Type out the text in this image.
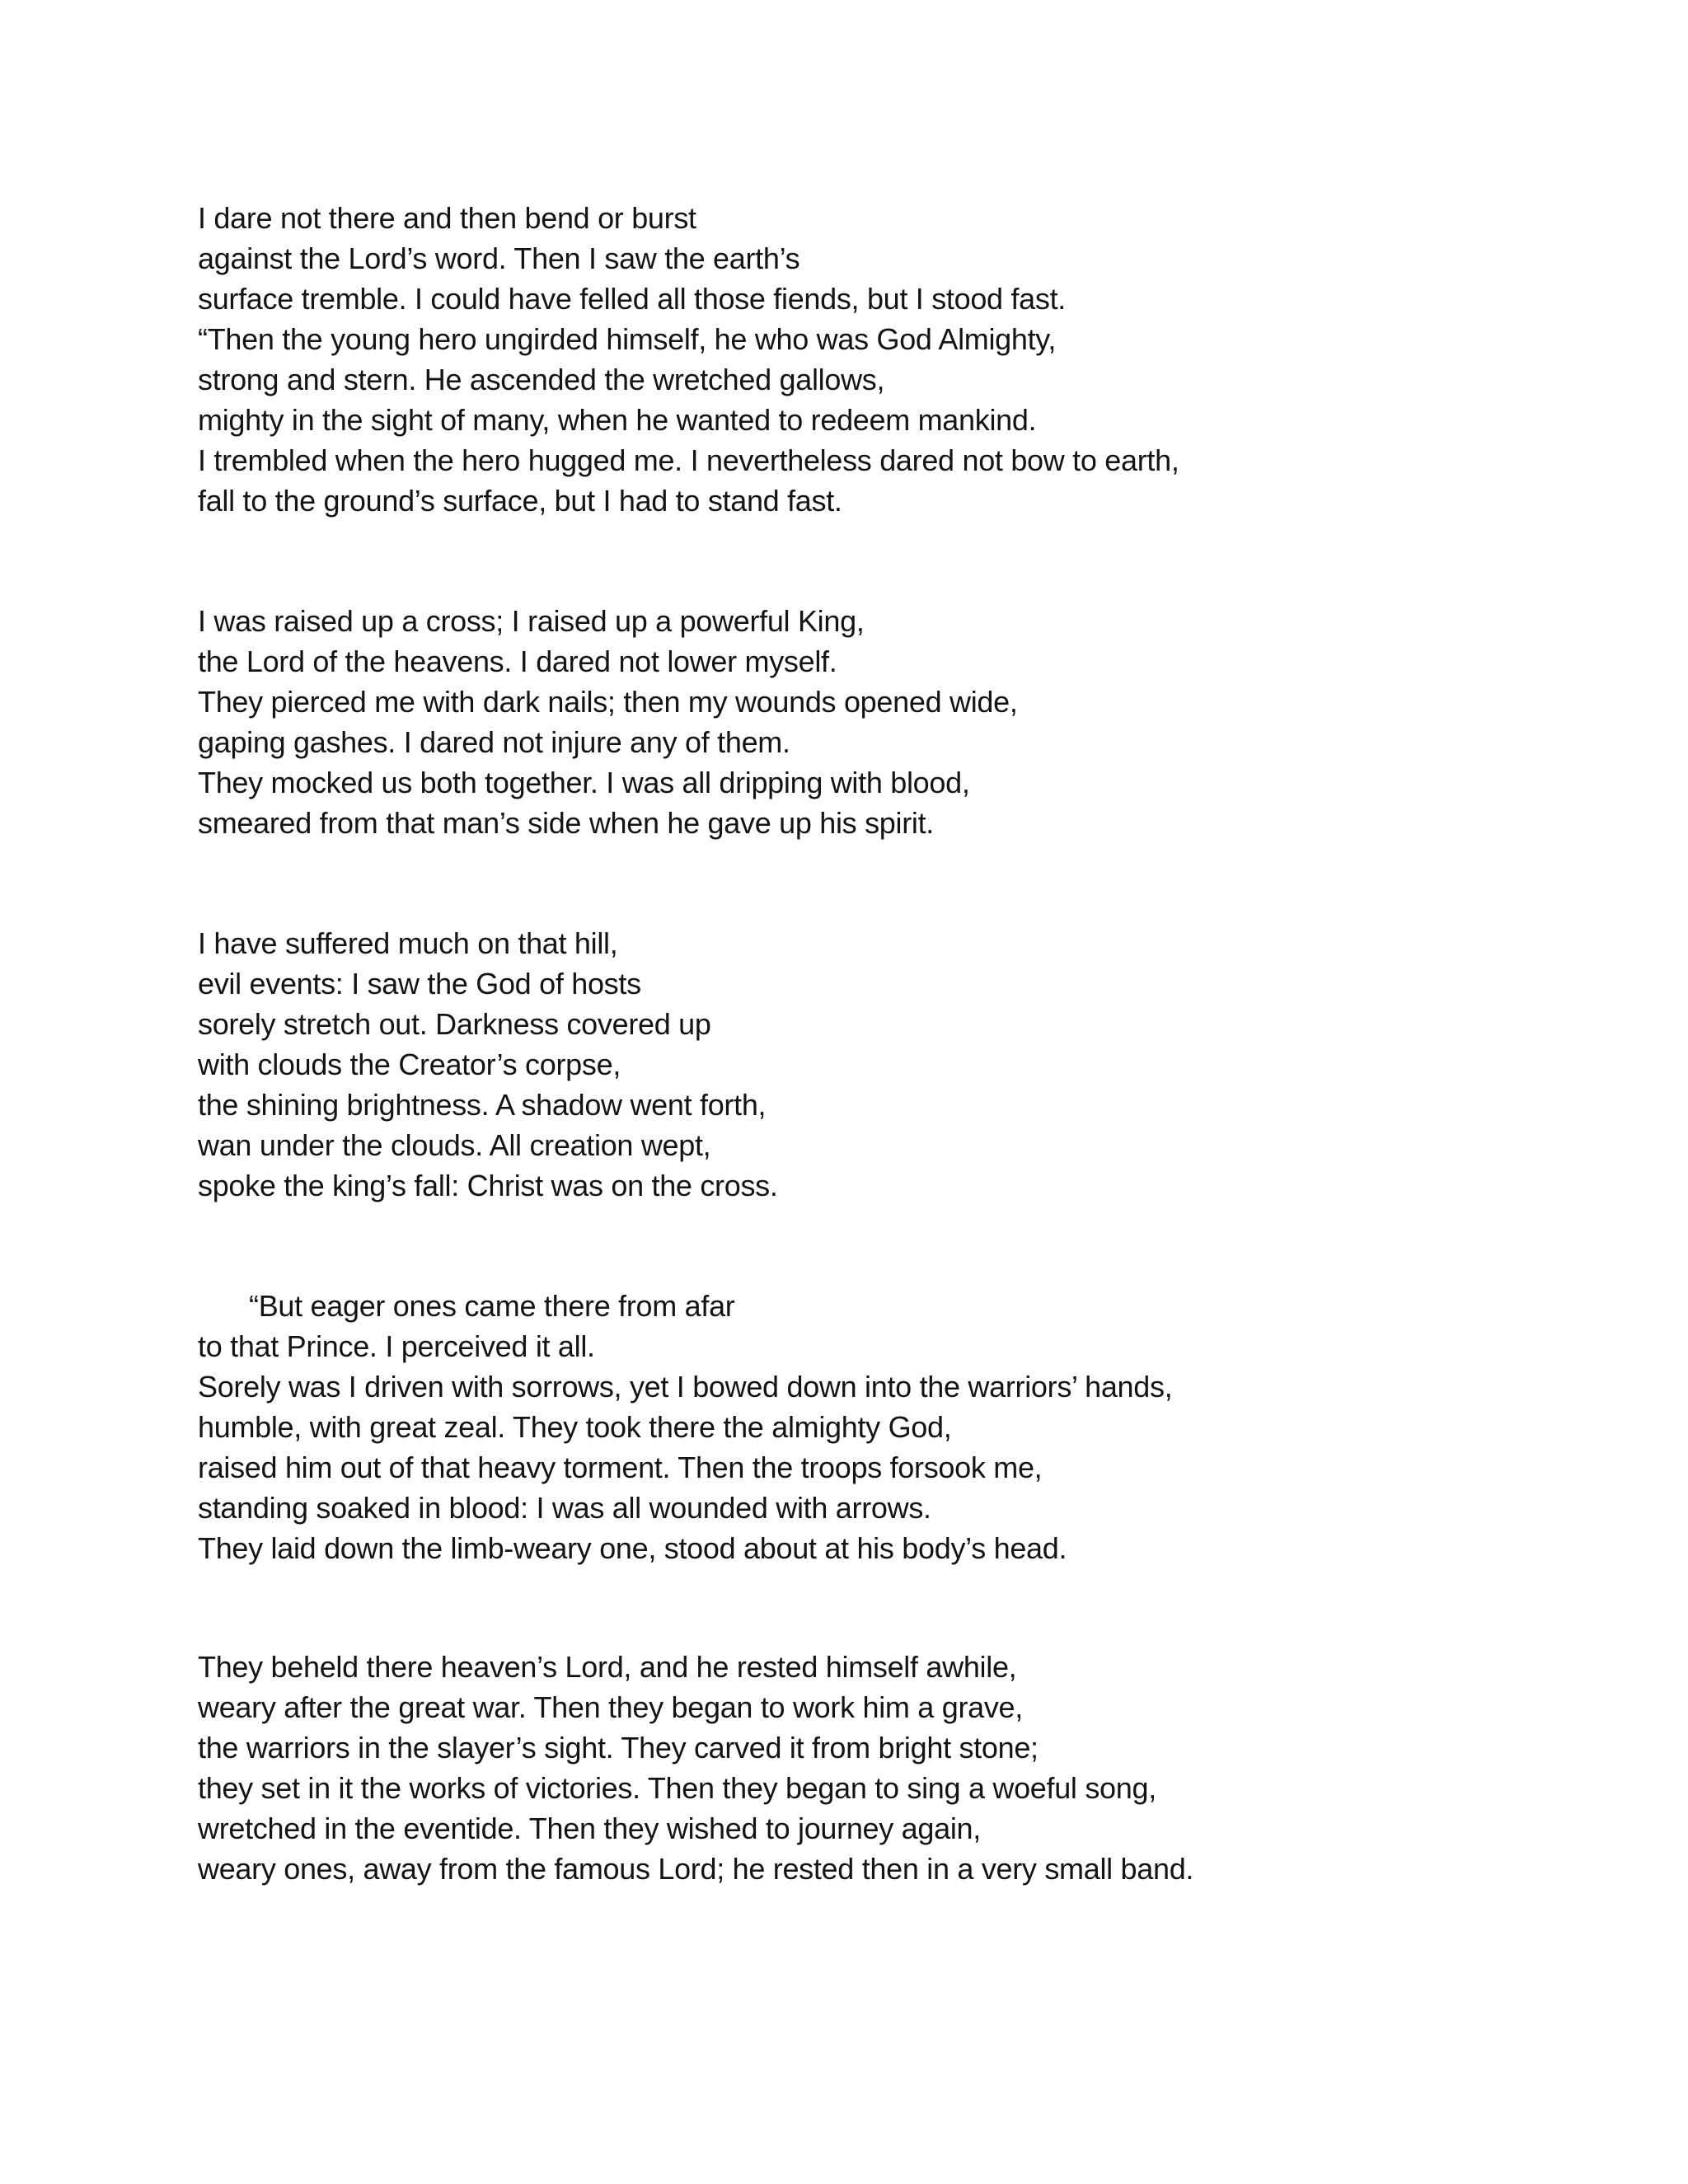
I dare not there and then bend or burst
against the Lord’s word. Then I saw the earth’s
surface tremble. I could have felled all those fiends, but I stood fast.
“Then the young hero ungirded himself, he who was God Almighty,
strong and stern. He ascended the wretched gallows,
mighty in the sight of many, when he wanted to redeem mankind.
I trembled when the hero hugged me. I nevertheless dared not bow to earth,
fall to the ground’s surface, but I had to stand fast.
I was raised up a cross; I raised up a powerful King,
the Lord of the heavens. I dared not lower myself.
They pierced me with dark nails; then my wounds opened wide,
gaping gashes. I dared not injure any of them.
They mocked us both together. I was all dripping with blood,
smeared from that man’s side when he gave up his spirit.
I have suffered much on that hill,
evil events: I saw the God of hosts
sorely stretch out. Darkness covered up
with clouds the Creator’s corpse,
the shining brightness. A shadow went forth,
wan under the clouds. All creation wept,
spoke the king’s fall: Christ was on the cross.
“But eager ones came there from afar
to that Prince. I perceived it all.
Sorely was I driven with sorrows, yet I bowed down into the warriors’ hands,
humble, with great zeal. They took there the almighty God,
raised him out of that heavy torment. Then the troops forsook me,
standing soaked in blood: I was all wounded with arrows.
They laid down the limb-weary one, stood about at his body’s head.
They beheld there heaven’s Lord, and he rested himself awhile,
weary after the great war. Then they began to work him a grave,
the warriors in the slayer’s sight. They carved it from bright stone;
they set in it the works of victories. Then they began to sing a woeful song,
wretched in the eventide. Then they wished to journey again,
weary ones, away from the famous Lord; he rested then in a very small band.
